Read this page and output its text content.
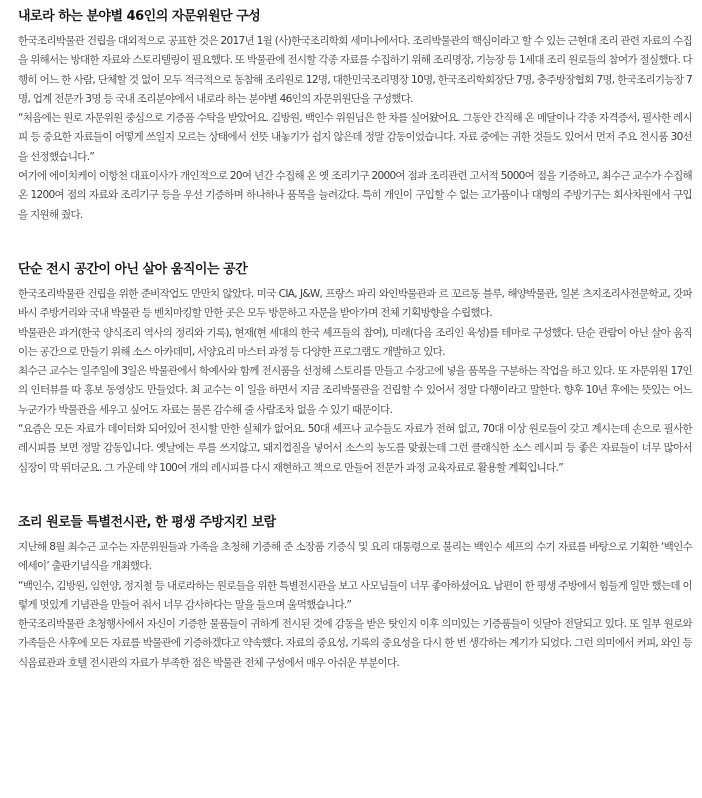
내로라 하는 분야별 46인의 자문위원단 구성

한국조리박물관 건립을 대외적으로 공표한 것은 2017년 1월 (사)한국조리학회 세미나에서다. 조리박물관의 핵심이라고 할 수 있는 근현대 조리 관련 자료의 수집을 위해서는 방대한 자료와 스토리텔링이 필요했다. 또 박물관에 전시할 각종 자료를 수집하기 위해 조리명장, 기능장 등 1세대 조리 원로들의 참여가 절실했다. 다행히 어느 한 사람, 단체할 것 없이 모두 적극적으로 동참해 조리원로 12명, 대한민국조리명장 10명, 한국조리학회장단 7명, 충주방장협회 7명, 한국조리기능장 7명, 업계 전문가 3명 등 국내 조리분야에서 내로라 하는 분야별 46인의 자문위원단을 구성했다.

“처음에는 원로 자문위원 중심으로 기증품 수탁을 받았어요. 김방원, 백인수 위원님은 한 차를 실어왔어요. 그동안 간직해 온 메달이나 각종 자격증서, 필사한 레시피 등 중요한 자료들이 어떻게 쓰일지 모르는 상태에서 선뜻 내놓기가 쉽지 않은데 정말 감동이었습니다. 자료 중에는 귀한 것들도 있어서 먼저 주요 전시품 30선을 선정했습니다.”

여기에 에이치케이 이항천 대표이사가 개인적으로 20여 년간 수집해 온 옛 조리기구 2000여 점과 조리관련 고서적 5000여 점을 기증하고, 최수근 교수가 수집해 온 1200여 점의 자료와 조리기구 등을 우선 기증하며 하나하나 품목을 늘려갔다. 특히 개인이 구입할 수 없는 고가품이나 대형의 주방기구는 회사차원에서 구입을 지원해 줬다.

단순 전시 공간이 아닌 살아 움직이는 공간

한국조리박물관 건립을 위한 준비작업도 만만치 않았다. 미국 CIA, J&W, 프랑스 파리 와인박물관과 르 꼬르동 블루, 해양박물관, 일본 츠지조리사전문학교, 갓파바시 주방거리와 국내 박물관 등 벤치마킹할 만한 곳은 모두 방문하고 자문을 받아가며 전체 기획방향을 수립했다.

박물관은 과거(한국 양식조리 역사의 정리와 기록), 현재(현 세대의 한국 셰프들의 참여), 미래(다음 조리인 육성)를 테마로 구성했다. 단순 관람이 아닌 살아 움직이는 공간으로 만들기 위해 소스 아카데미, 서양요리 마스터 과정 등 다양한 프로그램도 개발하고 있다.

최수근 교수는 일주일에 3일은 박물관에서 학예사와 함께 전시품을 선정해 스토리를 만들고 수장고에 넣을 품목을 구분하는 작업을 하고 있다. 또 자문위원 17인의 인터뷰를 따 홍보 동영상도 만들었다. 최 교수는 이 일을 하면서 지금 조리박물관을 건립할 수 있어서 정말 다행이라고 말한다. 향후 10년 후에는 뜻있는 어느 누군가가 박물관을 세우고 싶어도 자료는 물론 감수해 줄 사람조차 없을 수 있기 때문이다.

“요즘은 모든 자료가 데이터화 되어있어 전시할 만한 실체가 없어요. 50대 셰프나 교수들도 자료가 전혀 없고, 70대 이상 원로들이 갖고 계시는데 손으로 필사한 레시피를 보면 정말 감동입니다. 옛날에는 루를 쓰지않고, 돼지껍질을 넣어서 소스의 농도를 맞췄는데 그런 클래식한 소스 레시피 등 좋은 자료들이 너무 많아서 심장이 막 뛰더군요. 그 가운데 약 100여 개의 레시피를 다시 재현하고 책으로 만들어 전문가 과정 교육자료로 활용할 계획입니다.”

조리 원로들 특별전시관, 한 평생 주방지킨 보람

지난해 8월 최수근 교수는 자문위원들과 가족을 초청해 기증해 준 소장품 기증식 및 요리 대통령으로 불리는 백인수 셰프의 수기 자료를 바탕으로 기획한 ‘백인수 에세이’ 출판기념식을 개최했다.

“백인수, 김방원, 임헌양, 정지철 등 내로라하는 원로들을 위한 특별전시관을 보고 사모님들이 너무 좋아하셨어요. 남편이 한 평생 주방에서 힘들게 일만 했는데 이렇게 멋있게 기념관을 만들어 줘서 너무 감사하다는 말을 들으며 울먹했습니다.”

한국조리박물관 초청행사에서 자신이 기증한 물품들이 귀하게 전시된 것에 감동을 받은 탓인지 이후 의미있는 기증품들이 잇달아 전달되고 있다. 또 일부 원로와 가족들은 사후에 모든 자료를 박물관에 기증하겠다고 약속했다. 자료의 중요성, 기록의 중요성을 다시 한 번 생각하는 계기가 되었다. 그런 의미에서 커피, 와인 등 식음료관과 호텔 전시관의 자료가 부족한 점은 박물관 전체 구성에서 매우 아쉬운 부분이다.
